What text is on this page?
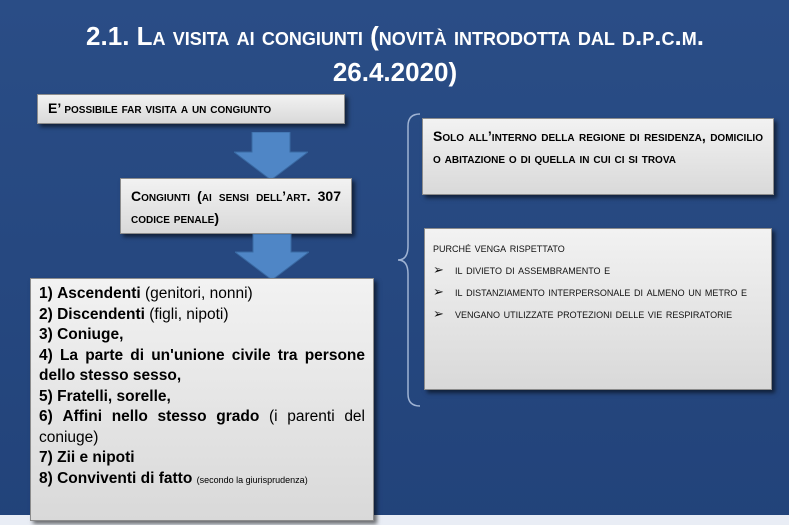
2.1. La visita ai congiunti (novità introdotta dal d.p.c.m. 26.4.2020)
E’ possibile far visita a un congiunto
Congiunti (ai sensi dell’art. 307 codice penale)
1) Ascendenti (genitori, nonni)
2) Discendenti (figli, nipoti)
3) Coniuge,
4) La parte di un'unione civile tra persone dello stesso sesso,
5) Fratelli, sorelle,
6) Affini nello stesso grado (i parenti del coniuge)
7) Zii e nipoti
8) Conviventi di fatto (secondo la giurisprudenza)
Solo all’interno della regione di residenza, domicilio o abitazione o di quella in cui ci si trova
purché venga rispettato
➢ il divieto di assembramento e
➢ il distanziamento interpersonale di almeno un metro e
➢ vengano utilizzate protezioni delle vie respiratorie
